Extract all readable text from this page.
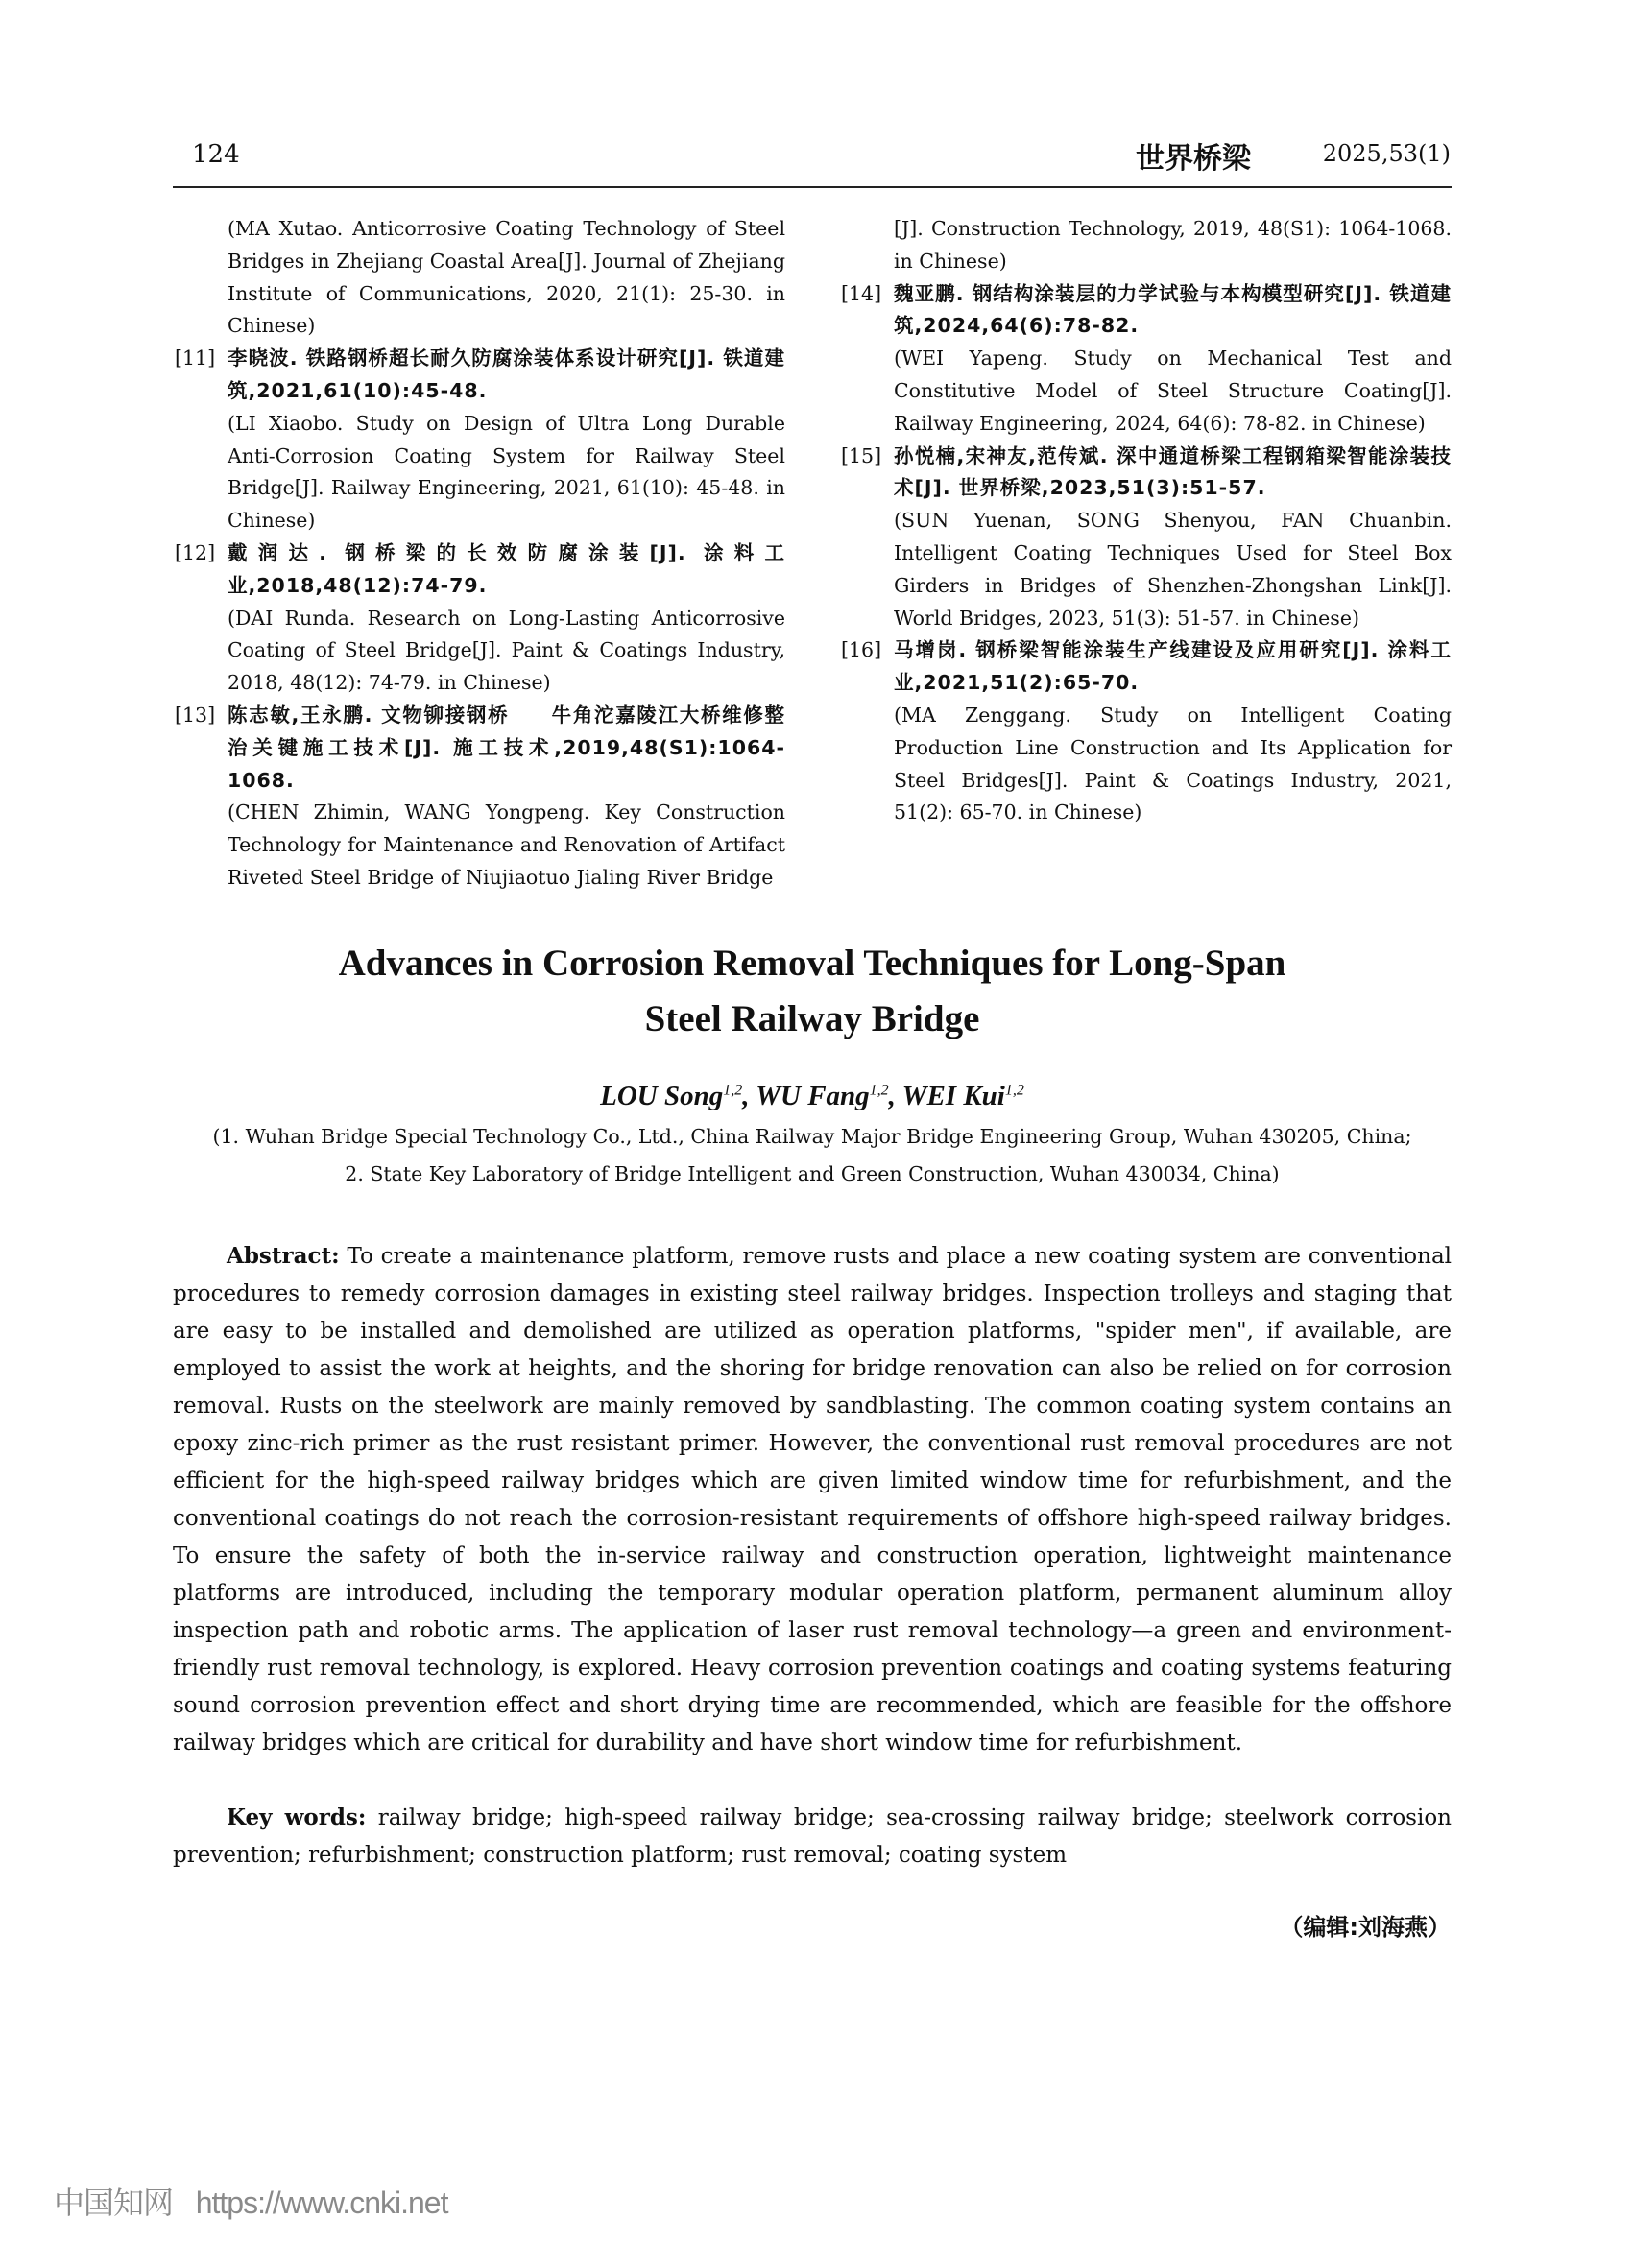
124	世界桥梁	2025,53(1)
(MA Xutao. Anticorrosive Coating Technology of Steel Bridges in Zhejiang Coastal Area[J]. Journal of Zhejiang Institute of Communications, 2020, 21(1): 25-30. in Chinese)
[11] 李晓波. 铁路钢桥超长耐久防腐涂装体系设计研究[J]. 铁道建筑,2021,61(10):45-48.
(LI Xiaobo. Study on Design of Ultra Long Durable Anti-Corrosion Coating System for Railway Steel Bridge[J]. Railway Engineering, 2021, 61(10): 45-48. in Chinese)
[12] 戴润达. 钢桥梁的长效防腐涂装[J]. 涂料工业,2018,48(12):74-79.
(DAI Runda. Research on Long-Lasting Anticorrosive Coating of Steel Bridge[J]. Paint & Coatings Industry, 2018, 48(12): 74-79. in Chinese)
[13] 陈志敏,王永鹏. 文物铆接钢桥　　牛角沱嘉陵江大桥维修整治关键施工技术[J]. 施工技术,2019,48(S1):1064-1068.
(CHEN Zhimin, WANG Yongpeng. Key Construction Technology for Maintenance and Renovation of Artifact Riveted Steel Bridge of Niujiaotuo Jialing River Bridge
[J]. Construction Technology, 2019, 48(S1): 1064-1068. in Chinese)
[14] 魏亚鹏. 钢结构涂装层的力学试验与本构模型研究[J]. 铁道建筑,2024,64(6):78-82.
(WEI Yapeng. Study on Mechanical Test and Constitutive Model of Steel Structure Coating[J]. Railway Engineering, 2024, 64(6): 78-82. in Chinese)
[15] 孙悦楠,宋神友,范传斌. 深中通道桥梁工程钢箱梁智能涂装技术[J]. 世界桥梁,2023,51(3):51-57.
(SUN Yuenan, SONG Shenyou, FAN Chuanbin. Intelligent Coating Techniques Used for Steel Box Girders in Bridges of Shenzhen-Zhongshan Link[J]. World Bridges, 2023, 51(3): 51-57. in Chinese)
[16] 马增岗. 钢桥梁智能涂装生产线建设及应用研究[J]. 涂料工业,2021,51(2):65-70.
(MA Zenggang. Study on Intelligent Coating Production Line Construction and Its Application for Steel Bridges[J]. Paint & Coatings Industry, 2021, 51(2): 65-70. in Chinese)
Advances in Corrosion Removal Techniques for Long-Span
Steel Railway Bridge
LOU Song$^{1,2}$, WU Fang$^{1,2}$, WEI Kui$^{1,2}$
(1. Wuhan Bridge Special Technology Co., Ltd., China Railway Major Bridge Engineering Group, Wuhan 430205, China;
2. State Key Laboratory of Bridge Intelligent and Green Construction, Wuhan 430034, China)
Abstract: To create a maintenance platform, remove rusts and place a new coating system are conventional procedures to remedy corrosion damages in existing steel railway bridges. Inspection trolleys and staging that are easy to be installed and demolished are utilized as operation platforms, "spider men", if available, are employed to assist the work at heights, and the shoring for bridge renovation can also be relied on for corrosion removal. Rusts on the steelwork are mainly removed by sandblasting. The common coating system contains an epoxy zinc-rich primer as the rust resistant primer. However, the conventional rust removal procedures are not efficient for the high-speed railway bridges which are given limited window time for refurbishment, and the conventional coatings do not reach the corrosion-resistant requirements of offshore high-speed railway bridges. To ensure the safety of both the in-service railway and construction operation, lightweight maintenance platforms are introduced, including the temporary modular operation platform, permanent aluminum alloy inspection path and robotic arms. The application of laser rust removal technology—a green and environment-friendly rust removal technology, is explored. Heavy corrosion prevention coatings and coating systems featuring sound corrosion prevention effect and short drying time are recommended, which are feasible for the offshore railway bridges which are critical for durability and have short window time for refurbishment.
Key words: railway bridge; high-speed railway bridge; sea-crossing railway bridge; steelwork corrosion prevention; refurbishment; construction platform; rust removal; coating system
（编辑:刘海燕）
中国知网 https://www.cnki.net
